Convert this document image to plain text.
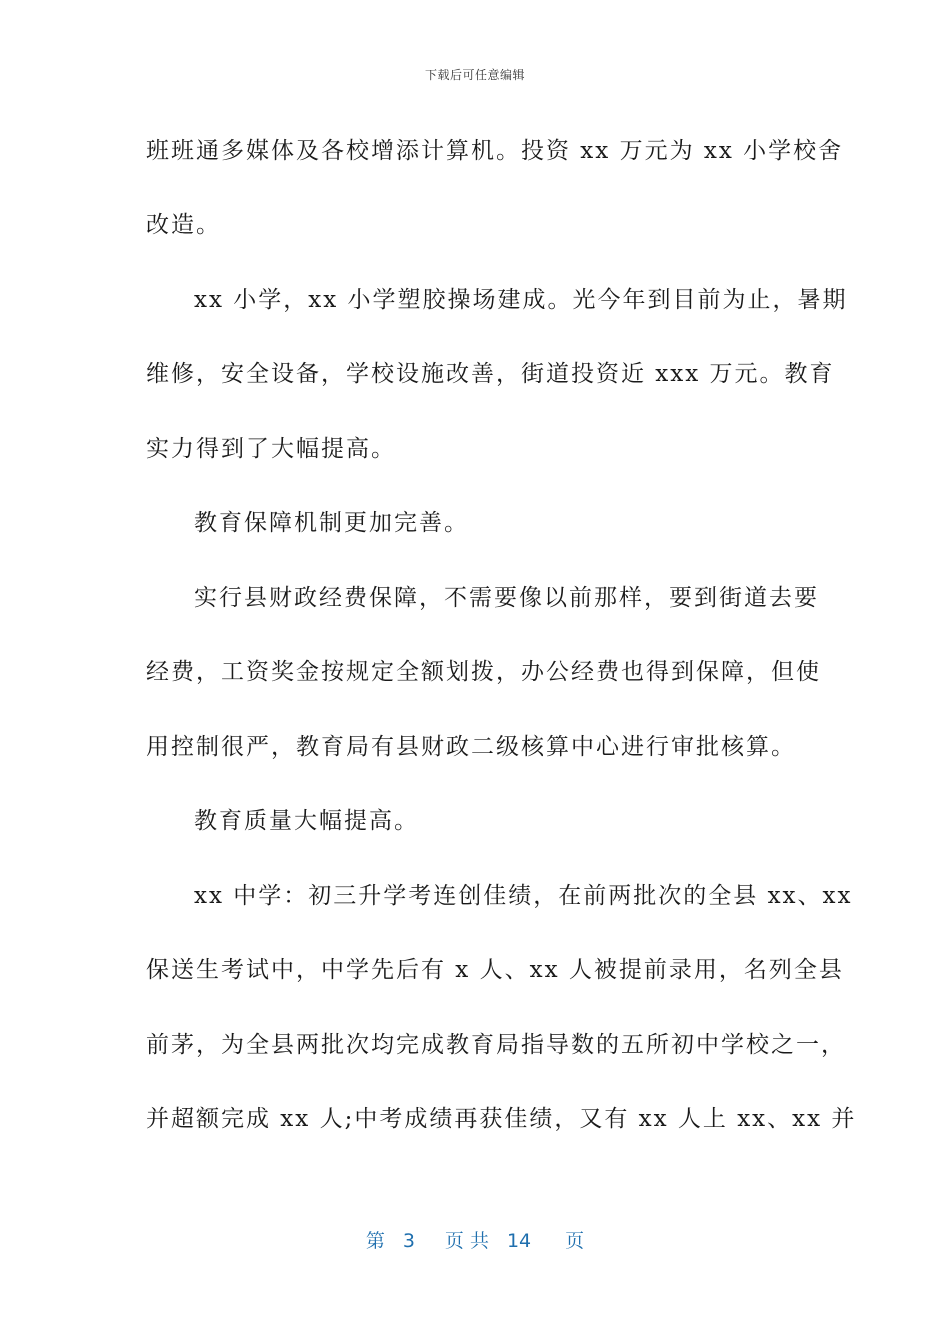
下载后可任意编辑
班班通多媒体及各校增添计算机。投资 xx 万元为 xx 小学校舍
改造。
xx 小学，xx 小学塑胶操场建成。光今年到目前为止，暑期
维修，安全设备，学校设施改善，街道投资近 xxx 万元。教育
实力得到了大幅提高。
教育保障机制更加完善。
实行县财政经费保障，不需要像以前那样，要到街道去要
经费，工资奖金按规定全额划拨，办公经费也得到保障，但使
用控制很严，教育局有县财政二级核算中心进行审批核算。
教育质量大幅提高。
xx 中学：初三升学考连创佳绩，在前两批次的全县 xx、xx
保送生考试中，中学先后有 x 人、xx 人被提前录用，名列全县
前茅，为全县两批次均完成教育局指导数的五所初中学校之一，
并超额完成 xx 人;中考成绩再获佳绩，又有 xx 人上 xx、xx 并
第 3 页 共 14 页
